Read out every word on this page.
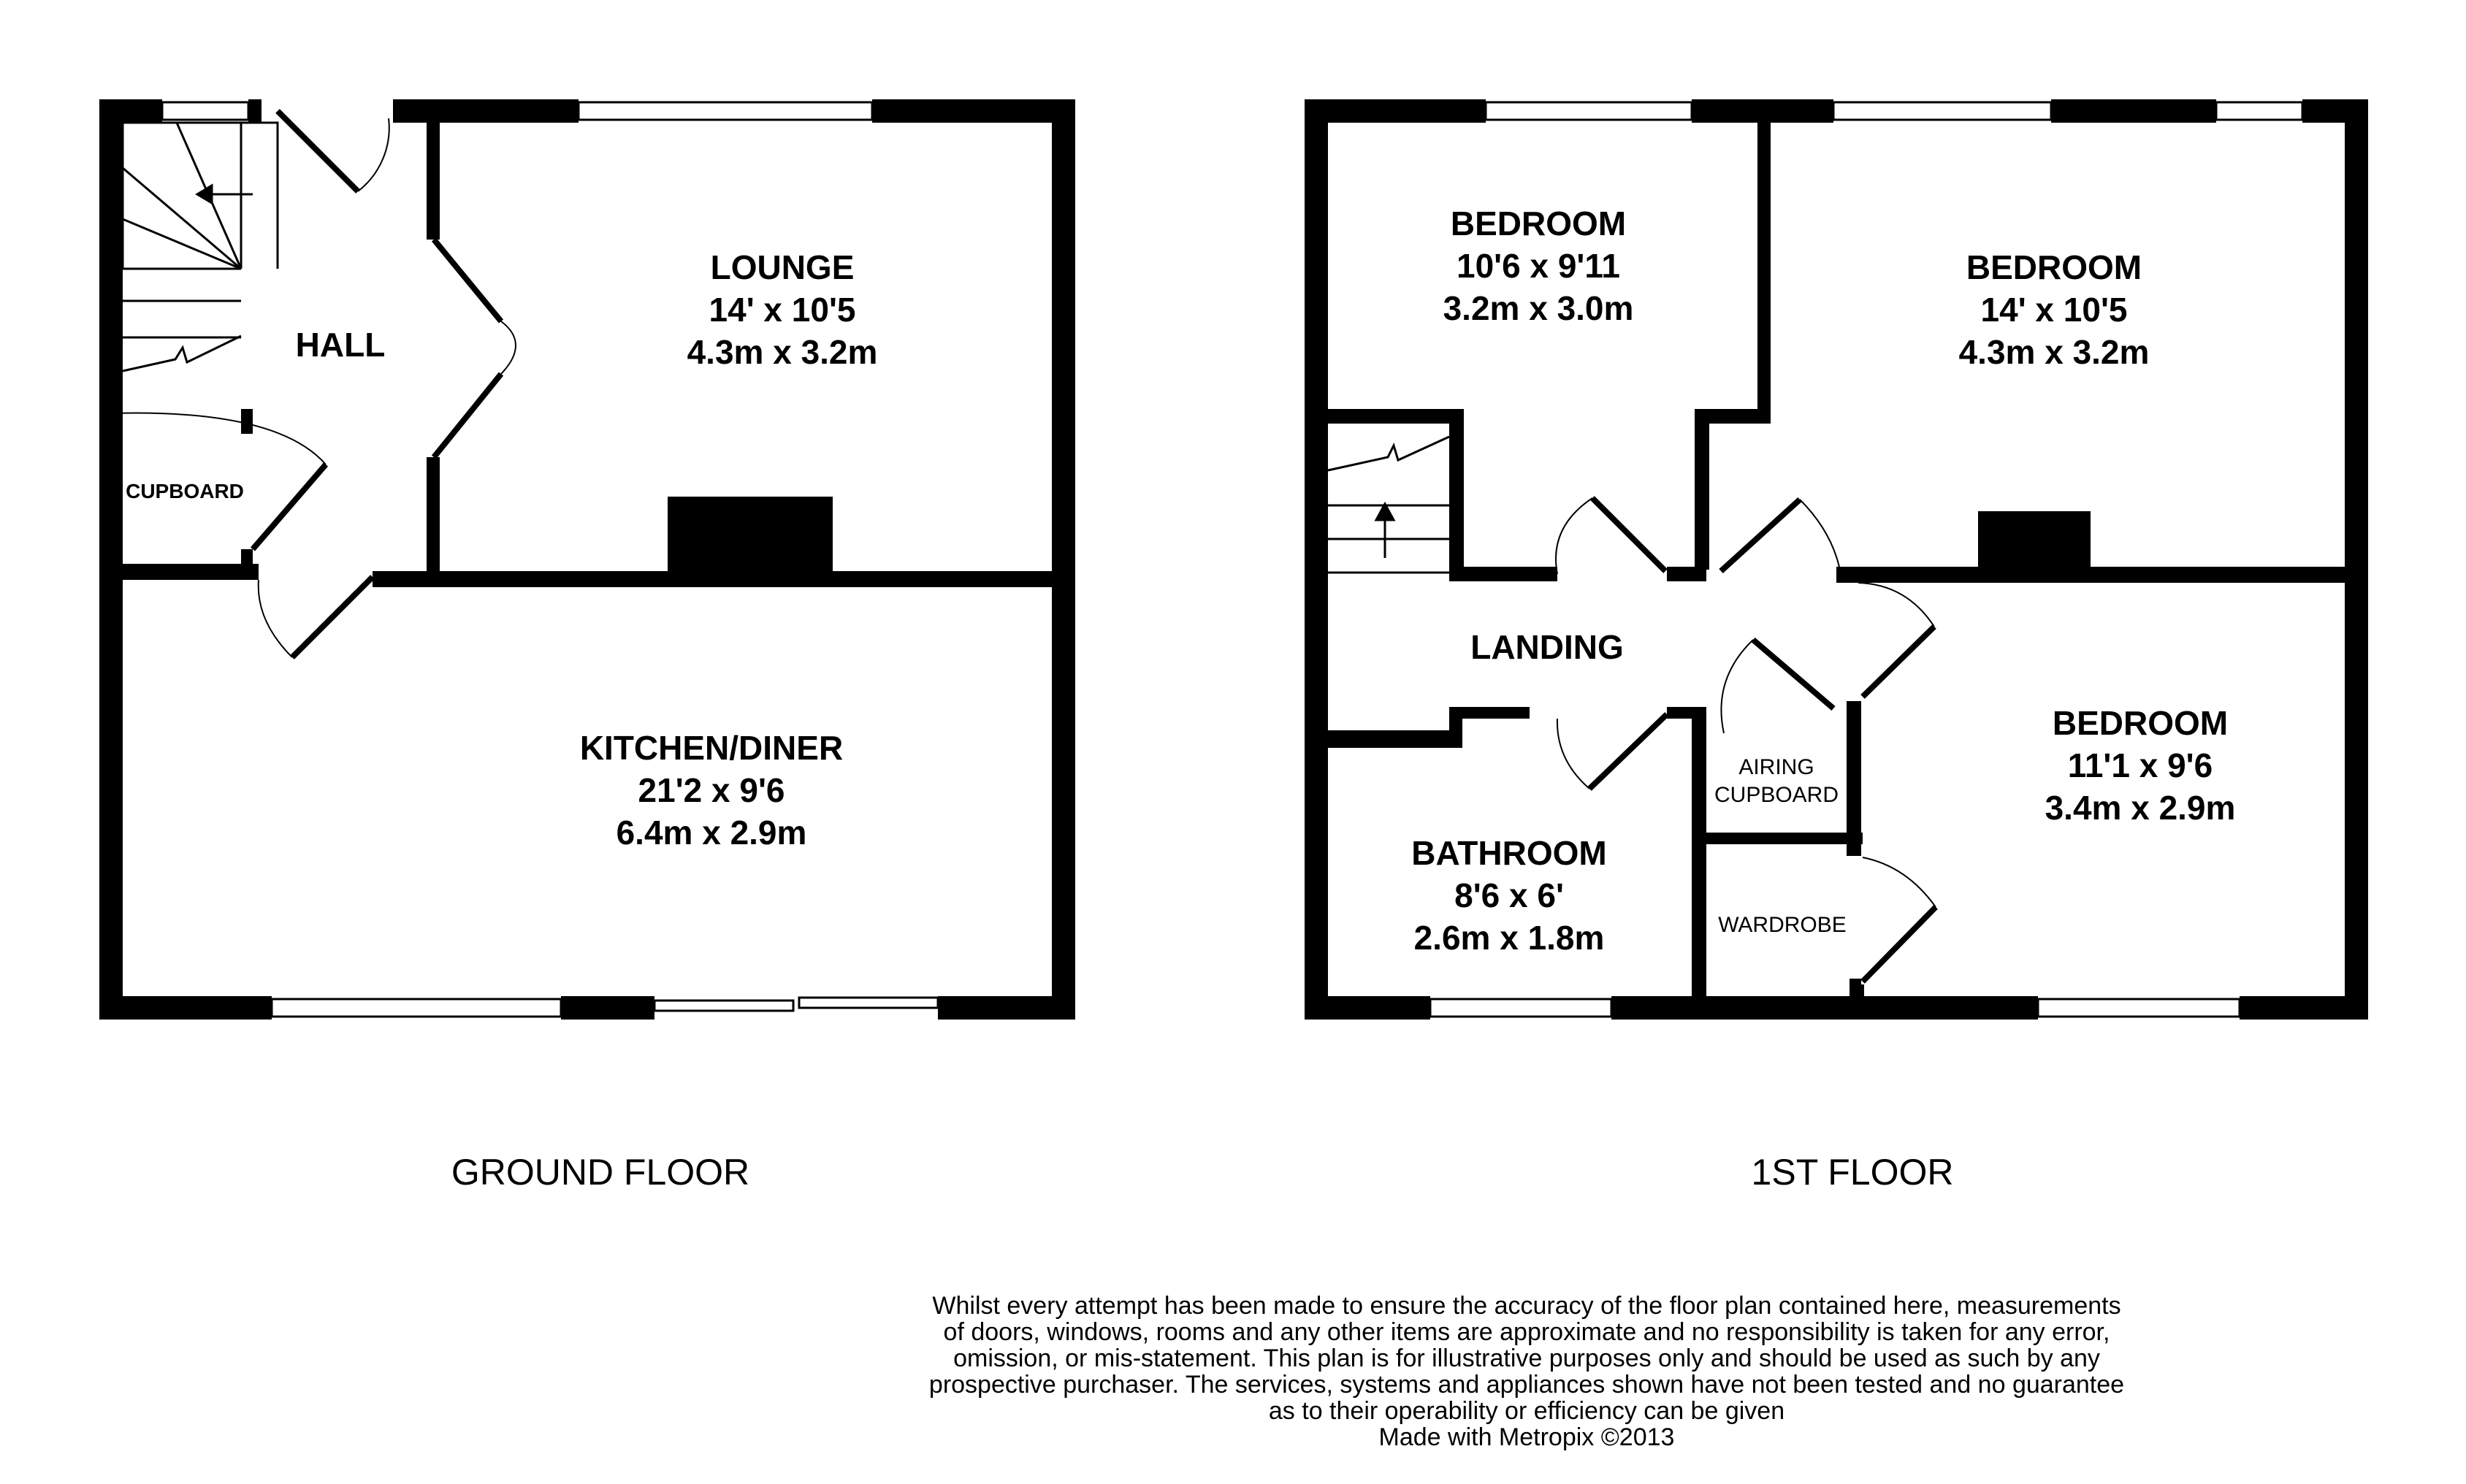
HALL
LOUNGE
14' x 10'5
4.3m x 3.2m
CUPBOARD
KITCHEN/DINER
21'2 x 9'6
6.4m x 2.9m
GROUND FLOOR
BEDROOM
10'6 x 9'11
3.2m x 3.0m
BEDROOM
14' x 10'5
4.3m x 3.2m
LANDING
AIRING
CUPBOARD
BEDROOM
11'1 x 9'6
3.4m x 2.9m
BATHROOM
8'6 x 6'
2.6m x 1.8m	WARDROBE
1ST FLOOR
Whilst every attempt has been made to ensure the accuracy of the floor plan contained here, measurements
of doors, windows, rooms and any other items are approximate and no responsibility is taken for any error,
omission, or mis-statement. This plan is for illustrative purposes only and should be used as such by any
prospective purchaser. The services, systems and appliances shown have not been tested and no guarantee
as to their operability or efficiency can be given
Made with Metropix ©2013
